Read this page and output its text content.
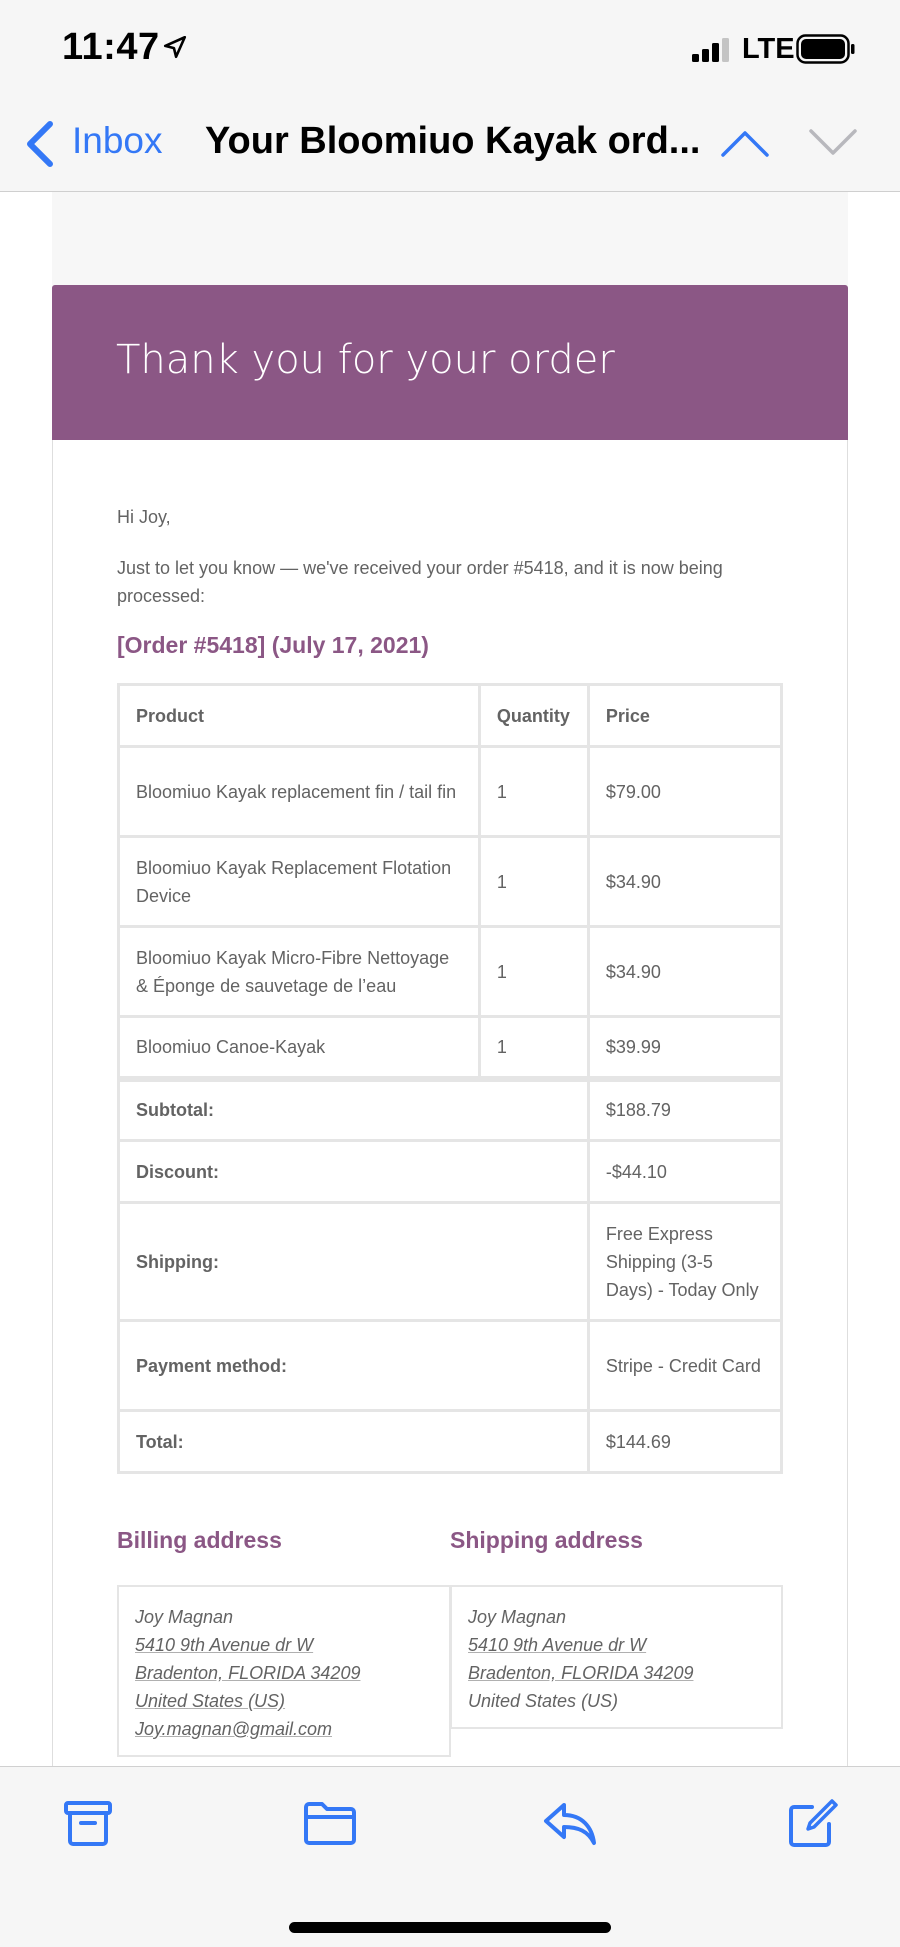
11:47	LTE
Inbox Your Bloomiuo Kayak ord...
Thank you for your order

Hi Joy,

Just to let you know — we've received your order #5418, and it is now being processed:

[Order #5418] (July 17, 2021)
Product	Quantity	Price
Bloomiuo Kayak replacement fin / tail fin	1	$79.00
Bloomiuo Kayak Replacement Flotation Device	1	$34.90
Bloomiuo Kayak Micro-Fibre Nettoyage & Éponge de sauvetage de l’eau	1	$34.90
Bloomiuo Canoe-Kayak	1	$39.99
Subtotal:		$188.79
Discount:		-$44.10
Shipping:		Free Express Shipping (3-5 Days) - Today Only
Payment method:		Stripe - Credit Card
Total:		$144.69
Billing address
Joy Magnan
5410 9th Avenue dr W
Bradenton, FLORIDA 34209
United States (US)
Joy.magnan@gmail.com
Shipping address
Joy Magnan
5410 9th Avenue dr W
Bradenton, FLORIDA 34209
United States (US)
